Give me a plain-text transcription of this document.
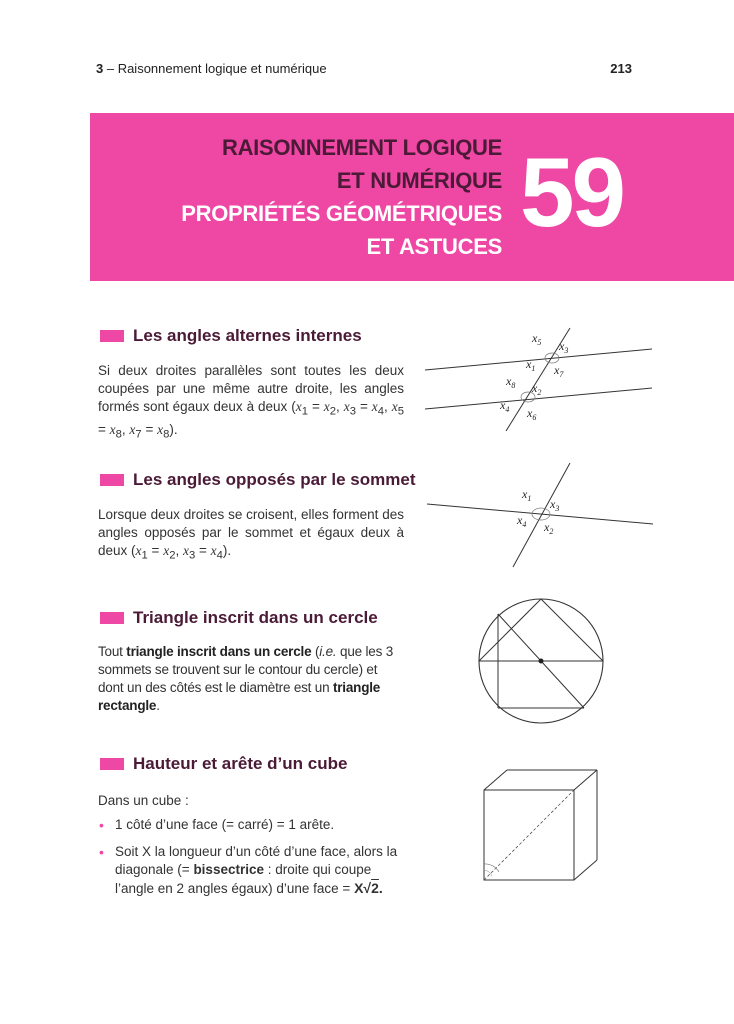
3 – Raisonnement logique et numérique	213
RAISONNEMENT LOGIQUE
ET NUMÉRIQUE
PROPRIÉTÉS GÉOMÉTRIQUES
ET ASTUCES 59
Les angles alternes internes
Si deux droites parallèles sont toutes les deux coupées par une même autre droite, les angles formés sont égaux deux à deux ($x_1 = x_2$, $x_3 = x_4$, $x_5 = x_8$, $x_7 = x_8$).
$x_5$ $x_3$
$x_1$ $x_7$
$x_8$ $x_2$
$x_4$ $x_6$
Les angles opposés par le sommet
Lorsque deux droites se croisent, elles forment des angles opposés par le sommet et égaux deux à deux ($x_1 = x_2$, $x_3 = x_4$).
$x_1$ $x_3$
$x_4$ $x_2$
Triangle inscrit dans un cercle
Tout triangle inscrit dans un cercle (i.e. que les 3 sommets se trouvent sur le contour du cercle) et dont un des côtés est le diamètre est un triangle rectangle.
Hauteur et arête d’un cube
Dans un cube :
• 1 côté d’une face (= carré) = 1 arête.
• Soit X la longueur d’un côté d’une face, alors la diagonale (= bissectrice : droite qui coupe l’angle en 2 angles égaux) d’une face = X√2.
